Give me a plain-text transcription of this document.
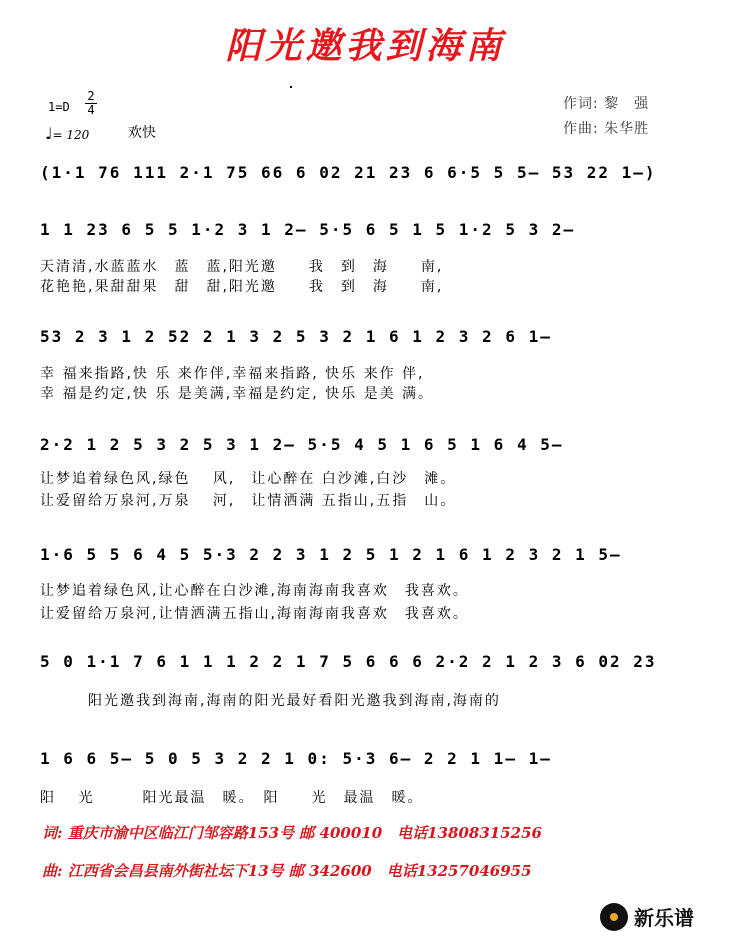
阳光邀我到海南
1=D
2
4
♩= 120	欢快
作词: 黎　强
作曲: 朱华胜
(1·1 76 111 2·1 75 66 6 02 21 23 6 6·5 5 5– 53 22 1–)
1 1 23 6 5 5 1·2 3 1 2– 5·5 6 5 1 5 1·2 5 3 2–
天清清,水蓝蓝水　蓝　蓝,阳光邀　　我　到　海　　南,
花艳艳,果甜甜果　甜　甜,阳光邀　　我　到　海　　南,
53 2 3 1 2 52 2 1 3 2 5 3 2 1 6 1 2 3 2 6 1–
幸 福来指路,快 乐 来作伴,幸福来指路, 快乐 来作 伴,
幸 福是约定,快 乐 是美满,幸福是约定, 快乐 是美 满。
2·2 1 2 5 3 2 5 3 1 2– 5·5 4 5 1 6 5 1 6 4 5–
让梦追着绿色风,绿色　 风,　让心醉在 白沙滩,白沙　滩。
让爱留给万泉河,万泉　 河,　让情洒满 五指山,五指　山。
1·6 5 5 6 4 5 5·3 2 2 3 1 2 5 1 2 1 6 1 2 3 2 1 5–
让梦追着绿色风,让心醉在白沙滩,海南海南我喜欢　我喜欢。
让爱留给万泉河,让情洒满五指山,海南海南我喜欢　我喜欢。
5 0 1·1 7 6 1 1 1 2 2 1 7 5 6 6 6 2·2 2 1 2 3 6 02 23
阳光邀我到海南,海南的阳光最好看阳光邀我到海南,海南的
1 6 6 5– 5 0 5 3 2 2 1 0: 5·3 6– 2 2 1 1– 1–
阳　 光　　　阳光最温　暖。　阳　　光　最温　暖。
词: 重庆市渝中区临江门邹容路153号 邮 400010　电话13808315256
曲: 江西省会昌县南外街社坛下13号 邮 342600　电话13257046955
新乐谱
